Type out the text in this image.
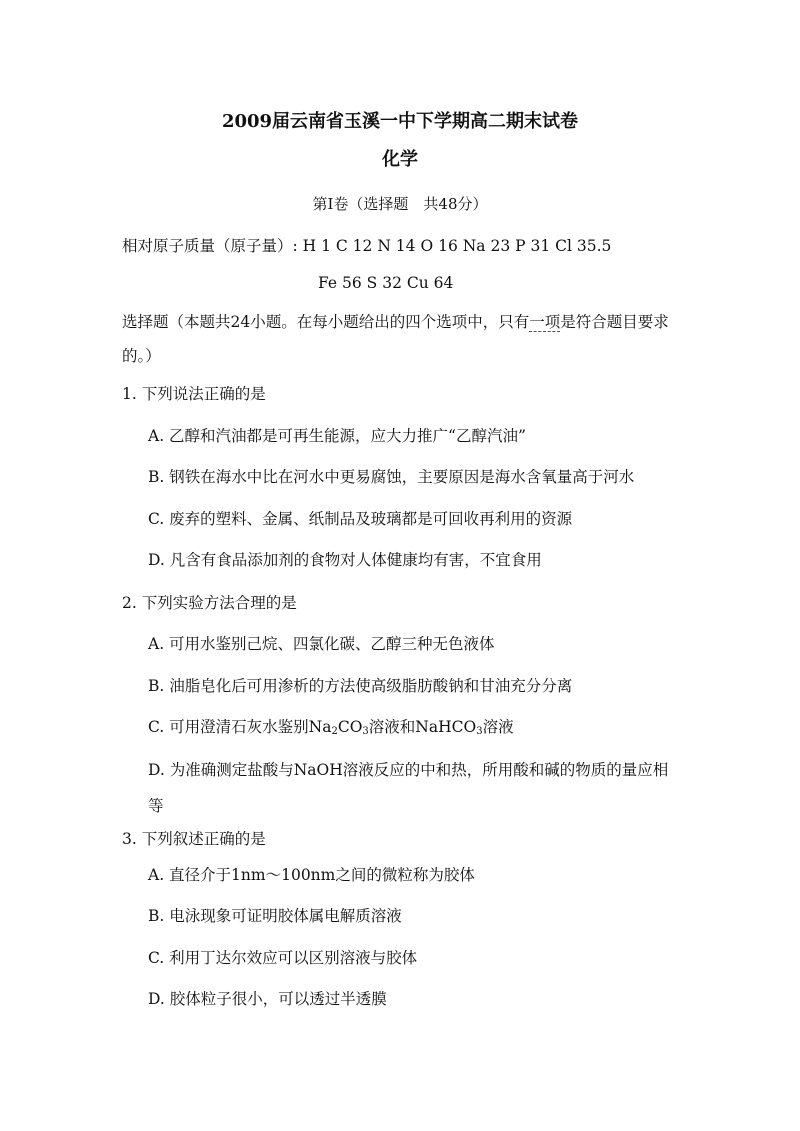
2009届云南省玉溪一中下学期高二期末试卷
化学
第I卷（选择题　共48分）
相对原子质量（原子量）: H 1 C 12 N 14 O 16 Na 23 P 31 Cl 35.5
Fe 56 S 32 Cu 64
选择题（本题共24小题。在每小题给出的四个选项中，只有一项是符合题目要求
的。）
1. 下列说法正确的是
A. 乙醇和汽油都是可再生能源，应大力推广“乙醇汽油”
B. 钢铁在海水中比在河水中更易腐蚀，主要原因是海水含氧量高于河水
C. 废弃的塑料、金属、纸制品及玻璃都是可回收再利用的资源
D. 凡含有食品添加剂的食物对人体健康均有害，不宜食用
2. 下列实验方法合理的是
A. 可用水鉴别己烷、四氯化碳、乙醇三种无色液体
B. 油脂皂化后可用渗析的方法使高级脂肪酸钠和甘油充分分离
C. 可用澄清石灰水鉴别$Na_2CO_3$溶液和NaHCO$_3$溶液
D. 为准确测定盐酸与NaOH溶液反应的中和热，所用酸和碱的物质的量应相
等
3. 下列叙述正确的是
A. 直径介于1nm～100nm之间的微粒称为胶体
B. 电泳现象可证明胶体属电解质溶液
C. 利用丁达尔效应可以区别溶液与胶体
D. 胶体粒子很小，可以透过半透膜
